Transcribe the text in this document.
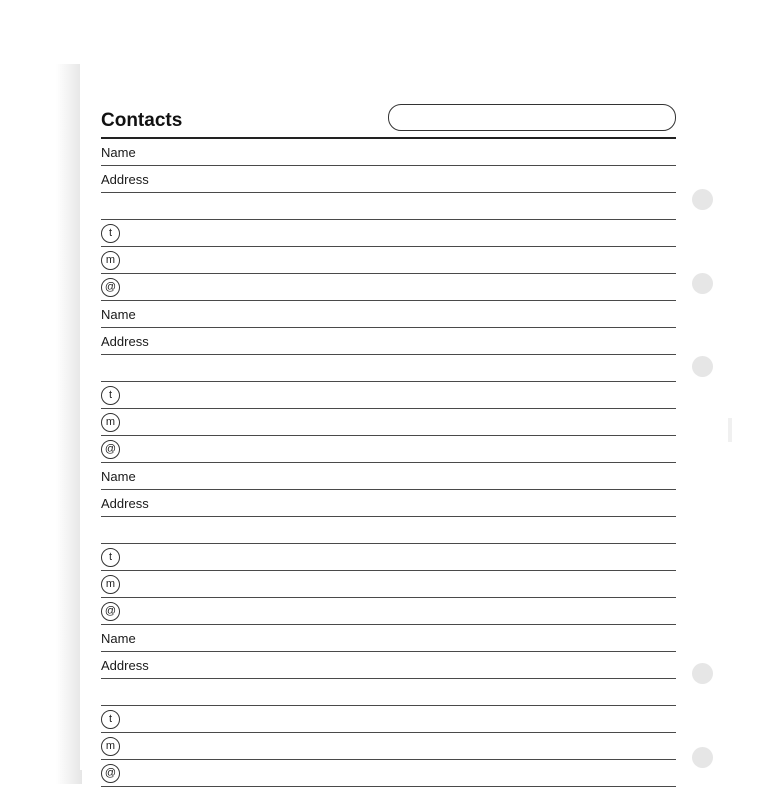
Contacts
Name
Address
t
m
@
Name
Address
t
m
@
Name
Address
t
m
@
Name
Address
t
m
@
